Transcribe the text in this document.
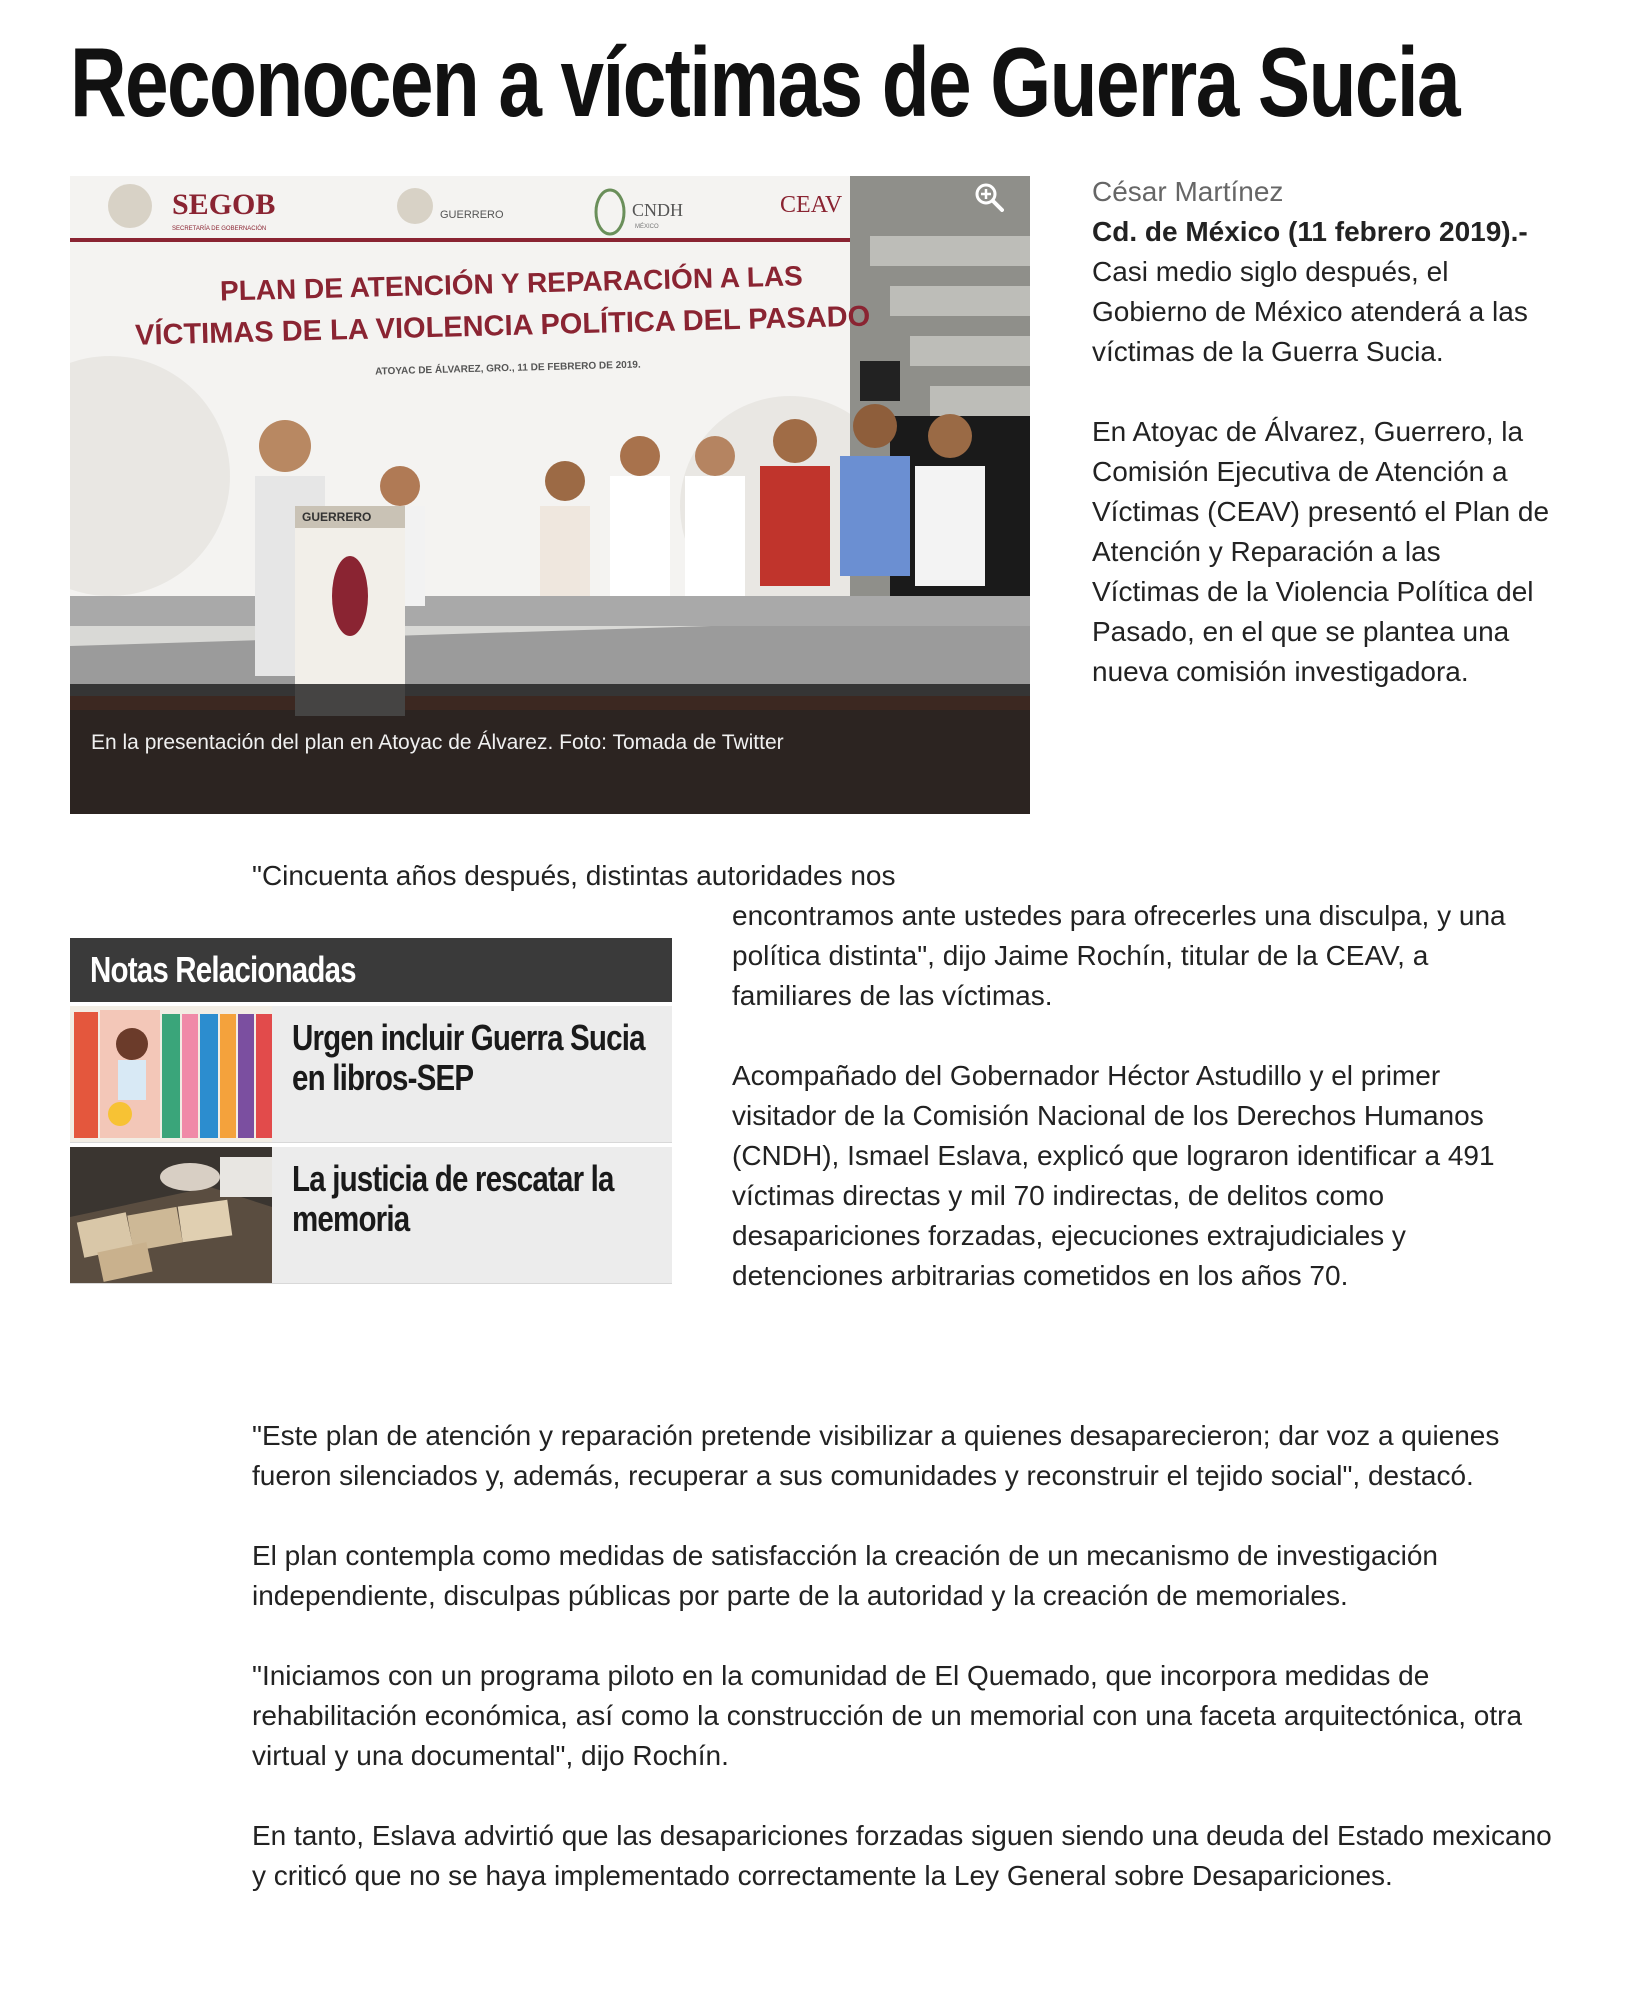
Reconocen a víctimas de Guerra Sucia
SEGOB
SECRETARÍA DE GOBERNACIÓN
GUERRERO	CNDH
MÉXICO
CEAV
PLAN DE ATENCIÓN Y REPARACIÓN A LAS
VÍCTIMAS DE LA VIOLENCIA POLÍTICA DEL PASADO
ATOYAC DE ÁLVAREZ, GRO., 11 DE FEBRERO DE 2019.
GUERRERO
En la presentación del plan en Atoyac de Álvarez. Foto: Tomada de Twitter
César Martínez

Cd. de México (11 febrero 2019).- Casi medio siglo después, el Gobierno de México atenderá a las víctimas de la Guerra Sucia.

En Atoyac de Álvarez, Guerrero, la Comisión Ejecutiva de Atención a Víctimas (CEAV) presentó el Plan de Atención y Reparación a las Víctimas de la Violencia Política del Pasado, en el que se plantea una nueva comisión investigadora.

"Cincuenta años después, distintas autoridades nos
Notas Relacionadas
Urgen incluir Guerra Sucia en libros-SEP
La justicia de rescatar la memoria

encontramos ante ustedes para ofrecerles una disculpa, y una política distinta", dijo Jaime Rochín, titular de la CEAV, a familiares de las víctimas.

Acompañado del Gobernador Héctor Astudillo y el primer visitador de la Comisión Nacional de los Derechos Humanos (CNDH), Ismael Eslava, explicó que lograron identificar a 491 víctimas directas y mil 70 indirectas, de delitos como desapariciones forzadas, ejecuciones extrajudiciales y detenciones arbitrarias cometidos en los años 70.

"Este plan de atención y reparación pretende visibilizar a quienes desaparecieron; dar voz a quienes fueron silenciados y, además, recuperar a sus comunidades y reconstruir el tejido social", destacó.

El plan contempla como medidas de satisfacción la creación de un mecanismo de investigación independiente, disculpas públicas por parte de la autoridad y la creación de memoriales.

"Iniciamos con un programa piloto en la comunidad de El Quemado, que incorpora medidas de rehabilitación económica, así como la construcción de un memorial con una faceta arquitectónica, otra virtual y una documental", dijo Rochín.

En tanto, Eslava advirtió que las desapariciones forzadas siguen siendo una deuda del Estado mexicano y criticó que no se haya implementado correctamente la Ley General sobre Desapariciones.
